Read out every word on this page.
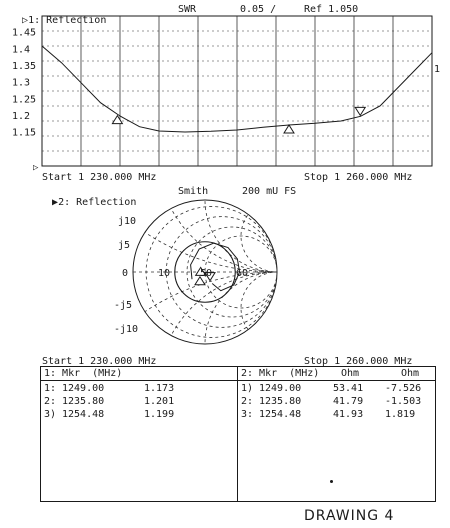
▷1: Reflection

SWR	0.05 /	Ref 1.050
1.45
1.4
1.35
1.3
1.25
1.2
1.15
1
▷
Start 1 230.000 MHz	Stop 1 260.000 MHz

▶2: Reflection

Smith	200 mU FS
j10
j5
0	10	50 60
-j5
-j10
Start 1 230.000 MHz	Stop 1 260.000 MHz
1: Mkr (MHz)
1: 1249.00	1.173
2: 1235.80	1.201
3) 1254.48	1.199
2: Mkr (MHz) Ohm	Ohm
1) 1249.00	53.41	-7.526
2: 1235.80	41.79	-1.503
3: 1254.48	41.93	1.819
DRAWING 4
